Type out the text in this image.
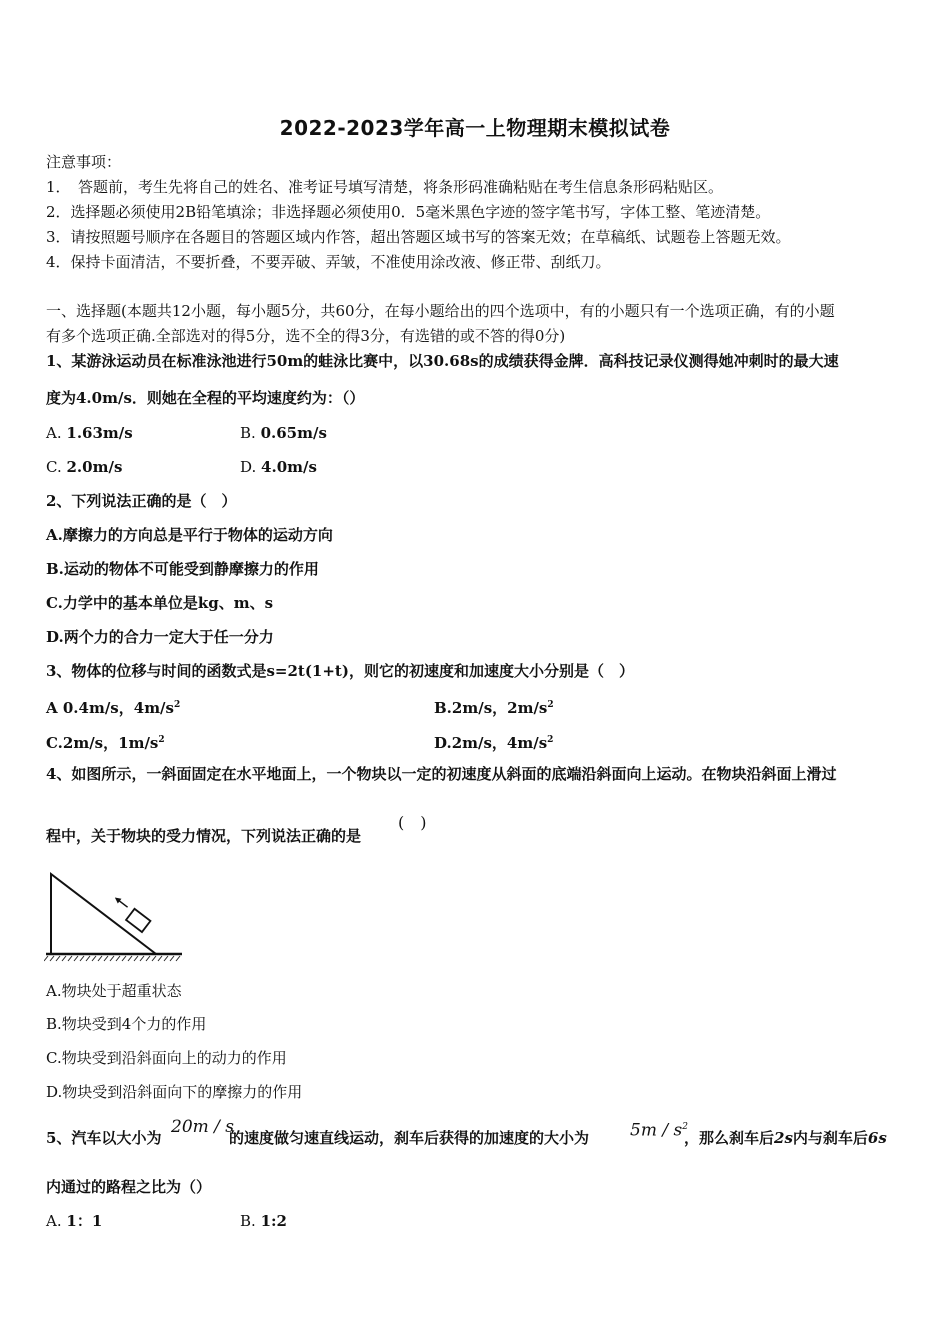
2022-2023学年高一上物理期末模拟试卷
注意事项：
1．　答题前，考生先将自己的姓名、准考证号填写清楚，将条形码准确粘贴在考生信息条形码粘贴区。
2．选择题必须使用2B铅笔填涂；非选择题必须使用0．5毫米黑色字迹的签字笔书写，字体工整、笔迹清楚。
3．请按照题号顺序在各题目的答题区域内作答，超出答题区域书写的答案无效；在草稿纸、试题卷上答题无效。
4．保持卡面清洁，不要折叠，不要弄破、弄皱，不准使用涂改液、修正带、刮纸刀。
一、选择题(本题共12小题，每小题5分，共60分，在每小题给出的四个选项中，有的小题只有一个选项正确，有的小题
有多个选项正确.全部选对的得5分，选不全的得3分，有选错的或不答的得0分)
1、某游泳运动员在标准泳池进行50m的蛙泳比赛中，以30.68s的成绩获得金牌．高科技记录仪测得她冲刺时的最大速
度为4.0m/s．则她在全程的平均速度约为：（）
A. 1.63m/s	B. 0.65m/s
C. 2.0m/s	D. 4.0m/s
2、下列说法正确的是（　）
A.摩擦力的方向总是平行于物体的运动方向
B.运动的物体不可能受到静摩擦力的作用
C.力学中的基本单位是kg、m、s
D.两个力的合力一定大于任一分力
3、物体的位移与时间的函数式是s=2t(1+t)，则它的初速度和加速度大小分别是（　）
A 0.4m/s，$4m/s^2$	B.2m/s，$2m/s^2$
C.2m/s，$1m/s^2$	D.2m/s，$4m/s^2$
4、如图所示，一斜面固定在水平地面上，一个物块以一定的初速度从斜面的底端沿斜面向上运动。在物块沿斜面上滑过
程中，关于物块的受力情况，下列说法正确的是
(　)
A.物块处于超重状态
B.物块受到4个力的作用
C.物块受到沿斜面向上的动力的作用
D.物块受到沿斜面向下的摩擦力的作用
5、汽车以大小为
20m / s
的速度做匀速直线运动，刹车后获得的加速度的大小为 $5m / s^2$
，那么刹车后2s内与刹车后6s
内通过的路程之比为（）
A. 1：1	B. 1:2
